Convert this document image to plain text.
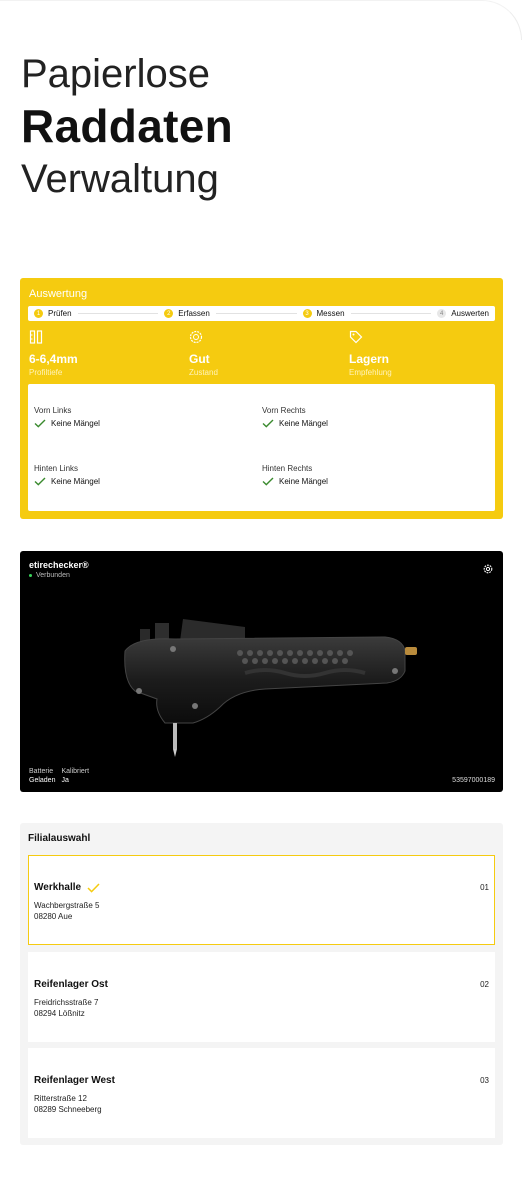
Papierlose
Raddaten
Verwaltung
Auswertung
1 Prüfen	2 Erfassen	3 Messen	4 Auswerten
6-6,4mm
Profiltiefe
Gut
Zustand
Lagern
Empfehlung
Vorn Links
Keine Mängel
Vorn Rechts
Keine Mängel
Hinten Links
Keine Mängel
Hinten Rechts
Keine Mängel
etirechecker®
Verbunden
Batterie	Kalibriert
Geladen Ja	53597000189
Filialauswahl
Werkhalle
Wachbergstraße 5
08280 Aue
01
Reifenlager Ost
Freidrichsstraße 7
08294 Lößnitz
02
Reifenlager West
Ritterstraße 12
08289 Schneeberg
03
